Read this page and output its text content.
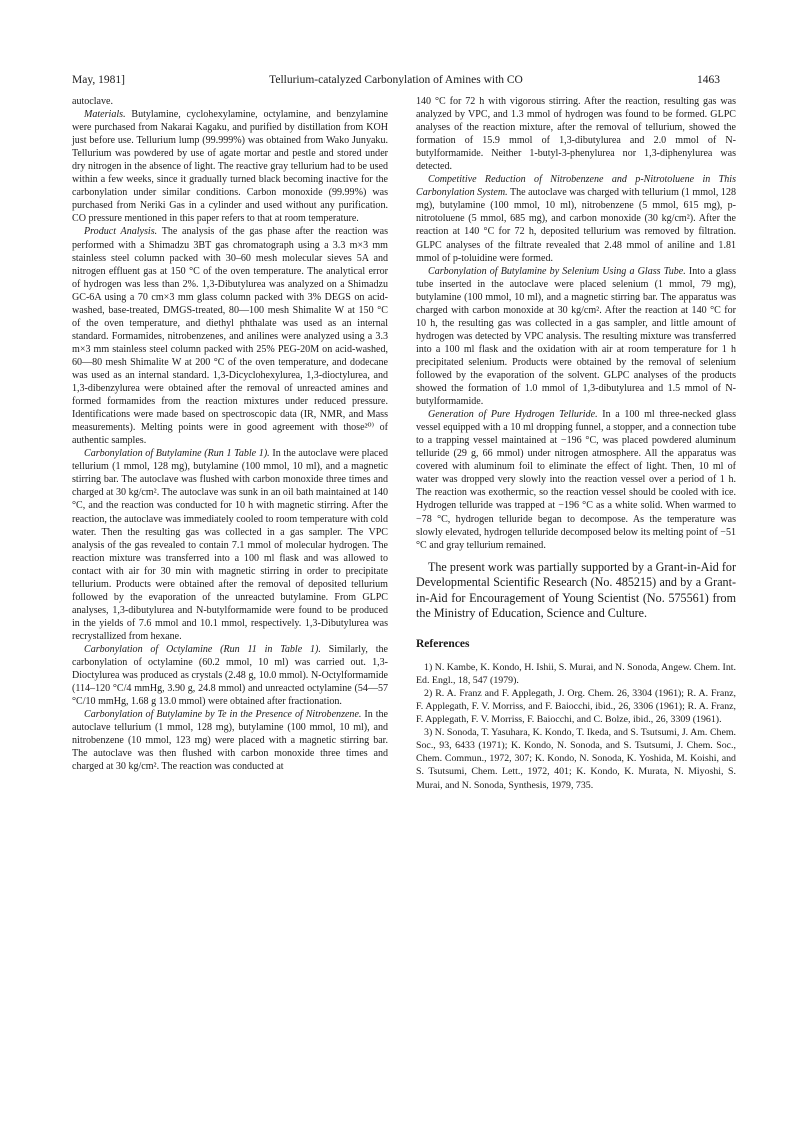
May, 1981]	Tellurium-catalyzed Carbonylation of Amines with CO	1463

autoclave.

Materials. Butylamine, cyclohexylamine, octylamine, and benzylamine were purchased from Nakarai Kagaku, and purified by distillation from KOH just before use. Tellurium lump (99.999%) was obtained from Wako Junyaku. Tellurium was powdered by use of agate mortar and pestle and stored under dry nitrogen in the absence of light. The reactive gray tellurium had to be used within a few weeks, since it gradually turned black becoming inactive for the carbonylation under similar conditions. Carbon monoxide (99.99%) was purchased from Neriki Gas in a cylinder and used without any purification. CO pressure mentioned in this paper refers to that at room temperature.

Product Analysis. The analysis of the gas phase after the reaction was performed with a Shimadzu 3BT gas chromatograph using a 3.3 m×3 mm stainless steel column packed with 30–60 mesh molecular sieves 5A and nitrogen effluent gas at 150 °C of the oven temperature. The analytical error of hydrogen was less than 2%. 1,3-Dibutylurea was analyzed on a Shimadzu GC-6A using a 70 cm×3 mm glass column packed with 3% DEGS on acid-washed, base-treated, DMGS-treated, 80—100 mesh Shimalite W at 150 °C of the oven temperature, and diethyl phthalate was used as an internal standard. Formamides, nitrobenzenes, and anilines were analyzed using a 3.3 m×3 mm stainless steel column packed with 25% PEG-20M on acid-washed, 60—80 mesh Shimalite W at 200 °C of the oven temperature, and dodecane was used as an internal standard. 1,3-Dicyclohexylurea, 1,3-dioctylurea, and 1,3-dibenzylurea were obtained after the removal of unreacted amines and formed formamides from the reaction mixtures under reduced pressure. Identifications were made based on spectroscopic data (IR, NMR, and Mass measurements). Melting points were in good agreement with those²⁰⁾ of authentic samples.

Carbonylation of Butylamine (Run 1 Table 1). In the autoclave were placed tellurium (1 mmol, 128 mg), butylamine (100 mmol, 10 ml), and a magnetic stirring bar. The autoclave was flushed with carbon monoxide three times and charged at 30 kg/cm². The autoclave was sunk in an oil bath maintained at 140 °C, and the reaction was conducted for 10 h with magnetic stirring. After the reaction, the autoclave was immediately cooled to room temperature with cold water. Then the resulting gas was collected in a gas sampler. The VPC analysis of the gas revealed to contain 7.1 mmol of molecular hydrogen. The reaction mixture was transferred into a 100 ml flask and was allowed to contact with air for 30 min with magnetic stirring in order to precipitate tellurium. Products were obtained after the removal of deposited tellurium followed by the evaporation of the unreacted butylamine. From GLPC analyses, 1,3-dibutylurea and N-butylformamide were found to be produced in the yields of 7.6 mmol and 10.1 mmol, respectively. 1,3-Dibutylurea was recrystallized from hexane.

Carbonylation of Octylamine (Run 11 in Table 1). Similarly, the carbonylation of octylamine (60.2 mmol, 10 ml) was carried out. 1,3-Dioctylurea was produced as crystals (2.48 g, 10.0 mmol). N-Octylformamide (114–120 °C/4 mmHg, 3.90 g, 24.8 mmol) and unreacted octylamine (54—57 °C/10 mmHg, 1.68 g 13.0 mmol) were obtained after fractionation.

Carbonylation of Butylamine by Te in the Presence of Nitrobenzene. In the autoclave tellurium (1 mmol, 128 mg), butylamine (100 mmol, 10 ml), and nitrobenzene (10 mmol, 123 mg) were placed with a magnetic stirring bar. The autoclave was then flushed with carbon monoxide three times and charged at 30 kg/cm². The reaction was conducted at

140 °C for 72 h with vigorous stirring. After the reaction, resulting gas was analyzed by VPC, and 1.3 mmol of hydrogen was found to be formed. GLPC analyses of the reaction mixture, after the removal of tellurium, showed the formation of 15.9 mmol of 1,3-dibutylurea and 2.0 mmol of N-butylformamide. Neither 1-butyl-3-phenylurea nor 1,3-diphenylurea was detected.

Competitive Reduction of Nitrobenzene and p-Nitrotoluene in This Carbonylation System. The autoclave was charged with tellurium (1 mmol, 128 mg), butylamine (100 mmol, 10 ml), nitrobenzene (5 mmol, 615 mg), p-nitrotoluene (5 mmol, 685 mg), and carbon monoxide (30 kg/cm²). After the reaction at 140 °C for 72 h, deposited tellurium was removed by filtration. GLPC analyses of the filtrate revealed that 2.48 mmol of aniline and 1.81 mmol of p-toluidine were formed.

Carbonylation of Butylamine by Selenium Using a Glass Tube. Into a glass tube inserted in the autoclave were placed selenium (1 mmol, 79 mg), butylamine (100 mmol, 10 ml), and a magnetic stirring bar. The apparatus was charged with carbon monoxide at 30 kg/cm². After the reaction at 140 °C for 10 h, the resulting gas was collected in a gas sampler, and little amount of hydrogen was detected by VPC analysis. The resulting mixture was transferred into a 100 ml flask and the oxidation with air at room temperature for 1 h precipitated selenium. Products were obtained by the removal of selenium followed by the evaporation of the solvent. GLPC analyses of the products showed the formation of 1.0 mmol of 1,3-dibutylurea and 1.5 mmol of N-butylformamide.

Generation of Pure Hydrogen Telluride. In a 100 ml three-necked glass vessel equipped with a 10 ml dropping funnel, a stopper, and a connection tube to a trapping vessel maintained at −196 °C, was placed powdered aluminum telluride (29 g, 66 mmol) under nitrogen atmosphere. All the apparatus was covered with aluminum foil to eliminate the effect of light. Then, 10 ml of water was dropped very slowly into the reaction vessel over a period of 1 h. The reaction was exothermic, so the reaction vessel should be cooled with ice. Hydrogen telluride was trapped at −196 °C as a white solid. When warmed to −78 °C, hydrogen telluride began to decompose. As the temperature was slowly elevated, hydrogen telluride decomposed below its melting point of −51 °C and gray tellurium remained.

The present work was partially supported by a Grant-in-Aid for Developmental Scientific Research (No. 485215) and by a Grant-in-Aid for Encouragement of Young Scientist (No. 575561) from the Ministry of Education, Science and Culture.

References

1) N. Kambe, K. Kondo, H. Ishii, S. Murai, and N. Sonoda, Angew. Chem. Int. Ed. Engl., 18, 547 (1979).

2) R. A. Franz and F. Applegath, J. Org. Chem. 26, 3304 (1961); R. A. Franz, F. Applegath, F. V. Morriss, and F. Baiocchi, ibid., 26, 3306 (1961); R. A. Franz, F. Applegath, F. V. Morriss, F. Baiocchi, and C. Bolze, ibid., 26, 3309 (1961).

3) N. Sonoda, T. Yasuhara, K. Kondo, T. Ikeda, and S. Tsutsumi, J. Am. Chem. Soc., 93, 6433 (1971); K. Kondo, N. Sonoda, and S. Tsutsumi, J. Chem. Soc., Chem. Commun., 1972, 307; K. Kondo, N. Sonoda, K. Yoshida, M. Koishi, and S. Tsutsumi, Chem. Lett., 1972, 401; K. Kondo, K. Murata, N. Miyoshi, S. Murai, and N. Sonoda, Synthesis, 1979, 735.
